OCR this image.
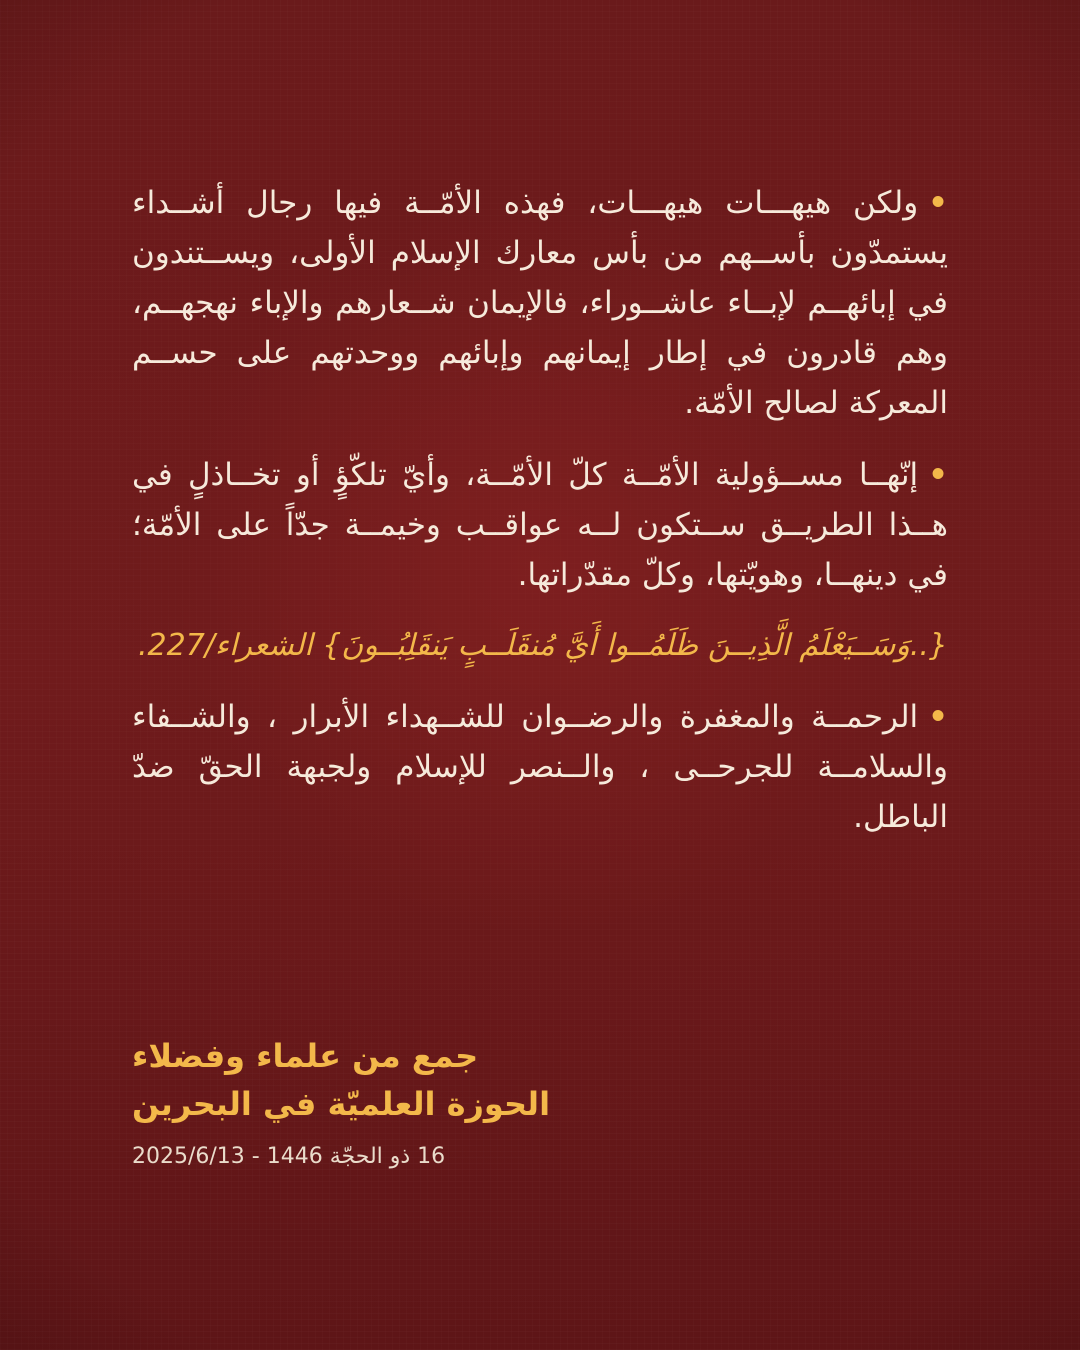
•ولكن هيهـــات هيهـــات، فهذه الأمّــة فيها رجال أشــداء يستمدّون بأســهم من بأس معارك الإسلام الأولى، ويســتندون في إبائهــم لإبــاء عاشــوراء، فالإيمان شــعارهم والإباء نهجهــم، وهم قادرون في إطار إيمانهم وإبائهم ووحدتهم على حســم المعركة لصالح الأمّة.

•إنّهــا مســؤولية الأمّــة كلّ الأمّــة، وأيّ تلكّؤٍ أو تخــاذلٍ في هــذا الطريــق ســتكون لــه عواقــب وخيمــة جدّاً على الأمّة؛ في دينهــا، وهويّتها، وكلّ مقدّراتها.

{..وَسَــيَعْلَمُ الَّذِيــنَ ظَلَمُــوا أَيَّ مُنقَلَــبٍ يَنقَلِبُــونَ} الشعراء/227.

•الرحمــة والمغفرة والرضــوان للشــهداء الأبرار ، والشــفاء والسلامــة للجرحــى ، والــنصر للإسلام ولجبهة الحقّ ضدّ الباطل.

جمع من علماء وفضلاء
الحوزة العلميّة في البحرين
16 ذو الحجّة 1446 - 2025/6/13
